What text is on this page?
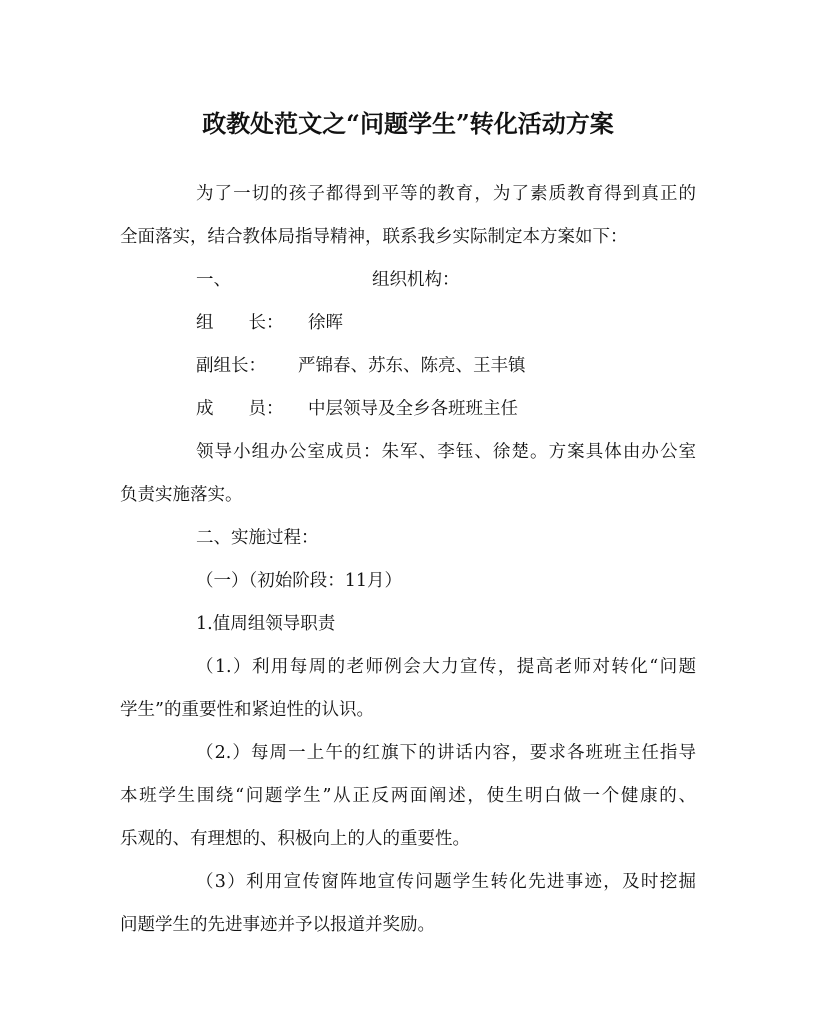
政教处范文之“问题学生”转化活动方案
为了一切的孩子都得到平等的教育，为了素质教育得到真正的
全面落实，结合教体局指导精神，联系我乡实际制定本方案如下：
一、	组织机构：
组　　长： 徐晖
副组长： 严锦春、苏东、陈亮、王丰镇
成　　员： 中层领导及全乡各班班主任
领导小组办公室成员：朱军、李钰、徐楚。方案具体由办公室
负责实施落实。
二、实施过程：
（一）（初始阶段：11月）
1.值周组领导职责
（1.）利用每周的老师例会大力宣传，提高老师对转化“问题
学生”的重要性和紧迫性的认识。
（2.）每周一上午的红旗下的讲话内容，要求各班班主任指导
本班学生围绕“问题学生”从正反两面阐述，使生明白做一个健康的、
乐观的、有理想的、积极向上的人的重要性。
（3）利用宣传窗阵地宣传问题学生转化先进事迹，及时挖掘
问题学生的先进事迹并予以报道并奖励。
